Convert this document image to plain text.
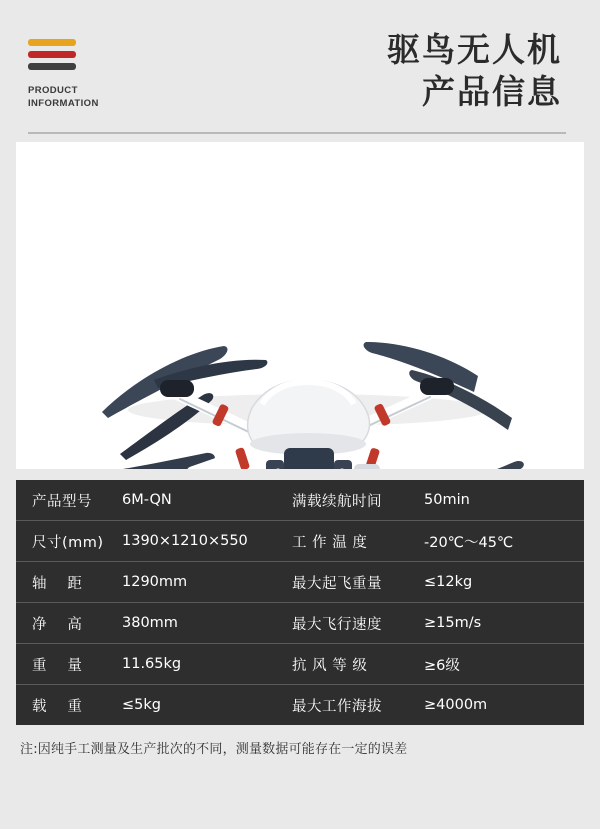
PRODUCT
INFORMATION
驱鸟无人机
产品信息
产品型号	6M-QN	满载续航时间	50min
尺寸(mm)	1390×1210×550	工 作 温 度	-20℃～45℃
轴    距	1290mm	最大起飞重量	≤12kg
净    高	380mm	最大飞行速度	≥15m/s
重    量	11.65kg	抗 风 等 级	≥6级
载    重	≤5kg	最大工作海拔	≥4000m
注:因纯手工测量及生产批次的不同，测量数据可能存在一定的误差
